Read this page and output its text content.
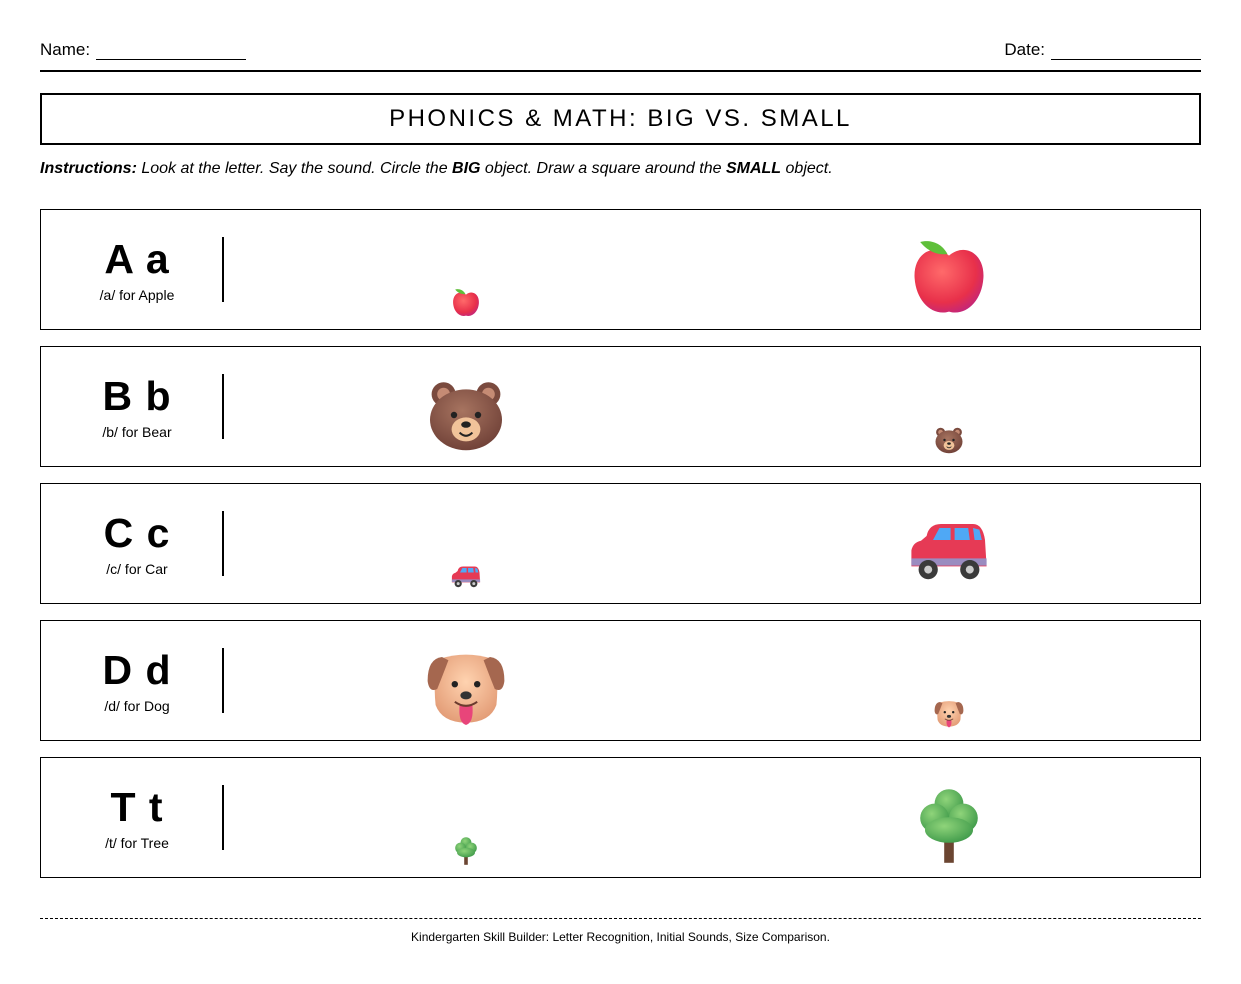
Name:	Date:
PHONICS & MATH: BIG VS. SMALL
Instructions: Look at the letter. Say the sound. Circle the BIG object. Draw a square around the SMALL object.
A a
/a/ for Apple
B b
/b/ for Bear
C c
/c/ for Car
D d
/d/ for Dog
T t
/t/ for Tree
Kindergarten Skill Builder: Letter Recognition, Initial Sounds, Size Comparison.
